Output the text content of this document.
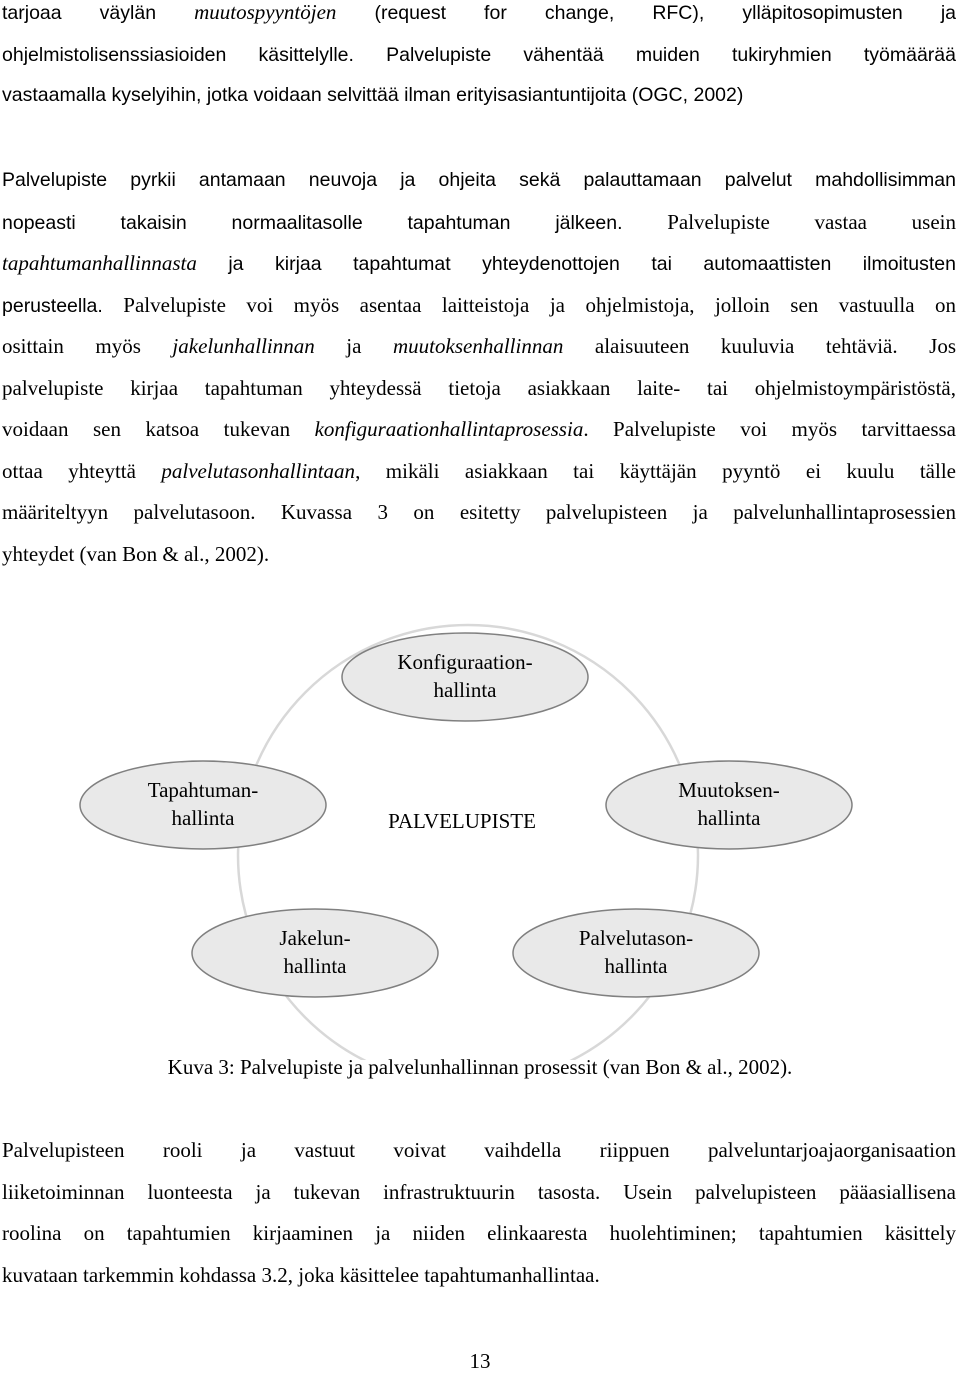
tarjoaa väylän muutospyyntöjen (request for change, RFC), ylläpitosopimusten ja
ohjelmistolisenssiasioiden käsittelylle. Palvelupiste vähentää muiden tukiryhmien työmäärää
vastaamalla kyselyihin, jotka voidaan selvittää ilman erityisasiantuntijoita (OGC, 2002)
Palvelupiste pyrkii antamaan neuvoja ja ohjeita sekä palauttamaan palvelut mahdollisimman
nopeasti takaisin normaalitasolle tapahtuman jälkeen. Palvelupiste vastaa usein
tapahtumanhallinnasta ja kirjaa tapahtumat yhteydenottojen tai automaattisten ilmoitusten
perusteella. Palvelupiste voi myös asentaa laitteistoja ja ohjelmistoja, jolloin sen vastuulla on
osittain myös jakelunhallinnan ja muutoksenhallinnan alaisuuteen kuuluvia tehtäviä. Jos
palvelupiste kirjaa tapahtuman yhteydessä tietoja asiakkaan laite- tai ohjelmistoympäristöstä,
voidaan sen katsoa tukevan konfiguraationhallintaprosessia. Palvelupiste voi myös tarvittaessa
ottaa yhteyttä palvelutasonhallintaan, mikäli asiakkaan tai käyttäjän pyyntö ei kuulu tälle
määriteltyyn palvelutasoon. Kuvassa 3 on esitetty palvelupisteen ja palvelunhallintaprosessien
yhteydet (van Bon & al., 2002).
Konfiguraation-
hallinta
Tapahtuman-
hallinta
Muutoksen-
hallinta
Jakelun-
hallinta
Palvelutason-
hallinta
PALVELUPISTE
Kuva 3: Palvelupiste ja palvelunhallinnan prosessit (van Bon & al., 2002).
Palvelupisteen rooli ja vastuut voivat vaihdella riippuen palveluntarjoajaorganisaation
liiketoiminnan luonteesta ja tukevan infrastruktuurin tasosta. Usein palvelupisteen pääasiallisena
roolina on tapahtumien kirjaaminen ja niiden elinkaaresta huolehtiminen; tapahtumien käsittely
kuvataan tarkemmin kohdassa 3.2, joka käsittelee tapahtumanhallintaa.
13
